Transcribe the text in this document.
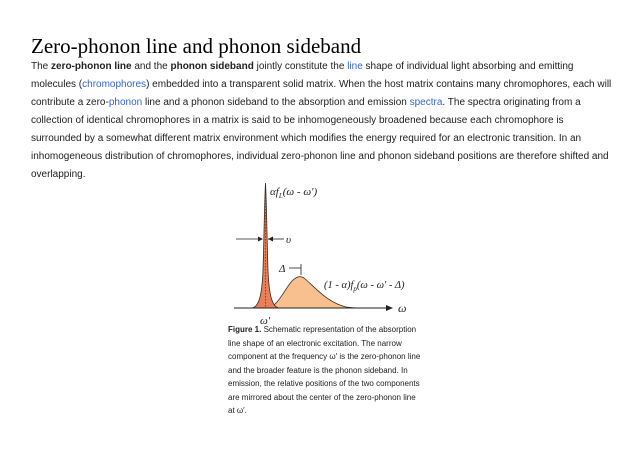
Zero-phonon line and phonon sideband
The zero-phonon line and the phonon sideband jointly constitute the line shape of individual light absorbing and emitting molecules (chromophores) embedded into a transparent solid matrix. When the host matrix contains many chromophores, each will contribute a zero-phonon line and a phonon sideband to the absorption and emission spectra. The spectra originating from a collection of identical chromophores in a matrix is said to be inhomogeneously broadened because each chromophore is surrounded by a somewhat different matrix environment which modifies the energy required for an electronic transition. In an inhomogeneous distribution of chromophores, individual zero-phonon line and phonon sideband positions are therefore shifted and overlapping.
$\alpha f_L(\omega - \omega')$
υ
Δ
$(1 - \alpha)f_p(\omega - \omega' - \Delta)$
ω
ω′
Figure 1. Schematic representation of the absorption line shape of an electronic excitation. The narrow component at the frequency ω′ is the zero-phonon line and the broader feature is the phonon sideband. In emission, the relative positions of the two components are mirrored about the center of the zero-phonon line at ω′.
